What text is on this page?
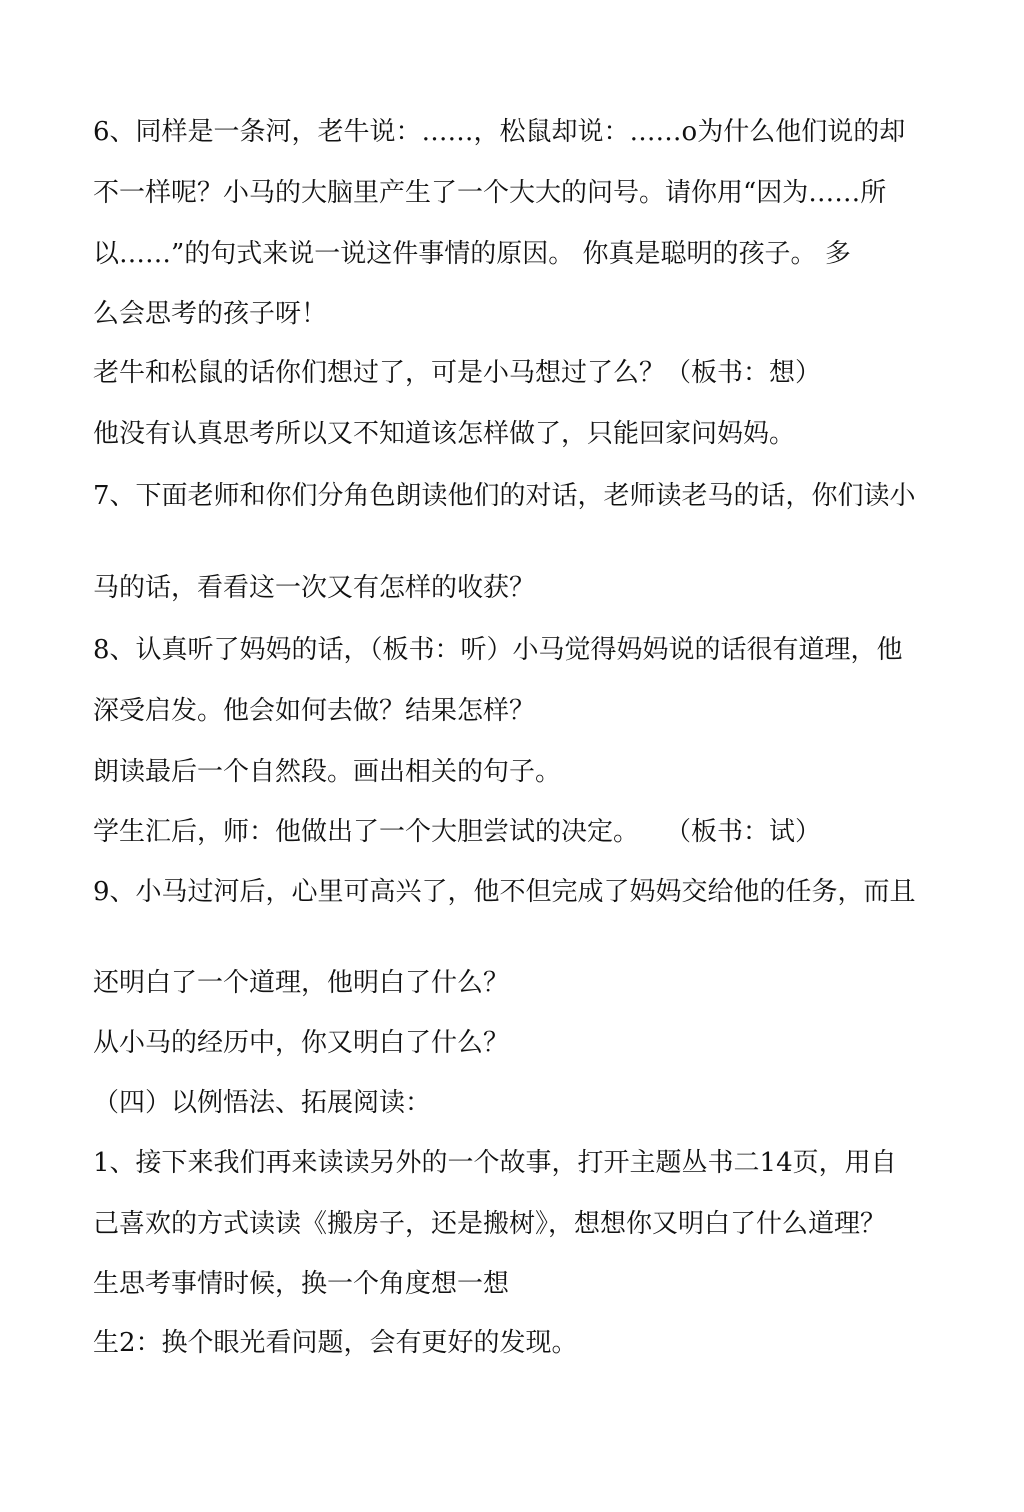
6、同样是一条河，老牛说：……，松鼠却说：……o为什么他们说的却
不一样呢？小马的大脑里产生了一个大大的问号。请你用“因为……所
以……”的句式来说一说这件事情的原因。 你真是聪明的孩子。 多
么会思考的孩子呀！
老牛和松鼠的话你们想过了，可是小马想过了么？（板书：想）
他没有认真思考所以又不知道该怎样做了，只能回家问妈妈。
7、下面老师和你们分角色朗读他们的对话，老师读老马的话，你们读小
马的话，看看这一次又有怎样的收获？
8、认真听了妈妈的话，（板书：听）小马觉得妈妈说的话很有道理，他
深受启发。他会如何去做？结果怎样？
朗读最后一个自然段。画出相关的句子。
学生汇后，师：他做出了一个大胆尝试的决定。　　（板书：试）
9、小马过河后，心里可高兴了，他不但完成了妈妈交给他的任务，而且
还明白了一个道理，他明白了什么？
从小马的经历中，你又明白了什么？
（四）以例悟法、拓展阅读：
1、接下来我们再来读读另外的一个故事，打开主题丛书二14页，用自
己喜欢的方式读读《搬房子，还是搬树》，想想你又明白了什么道理？
生思考事情时候，换一个角度想一想
生2：换个眼光看问题，会有更好的发现。
